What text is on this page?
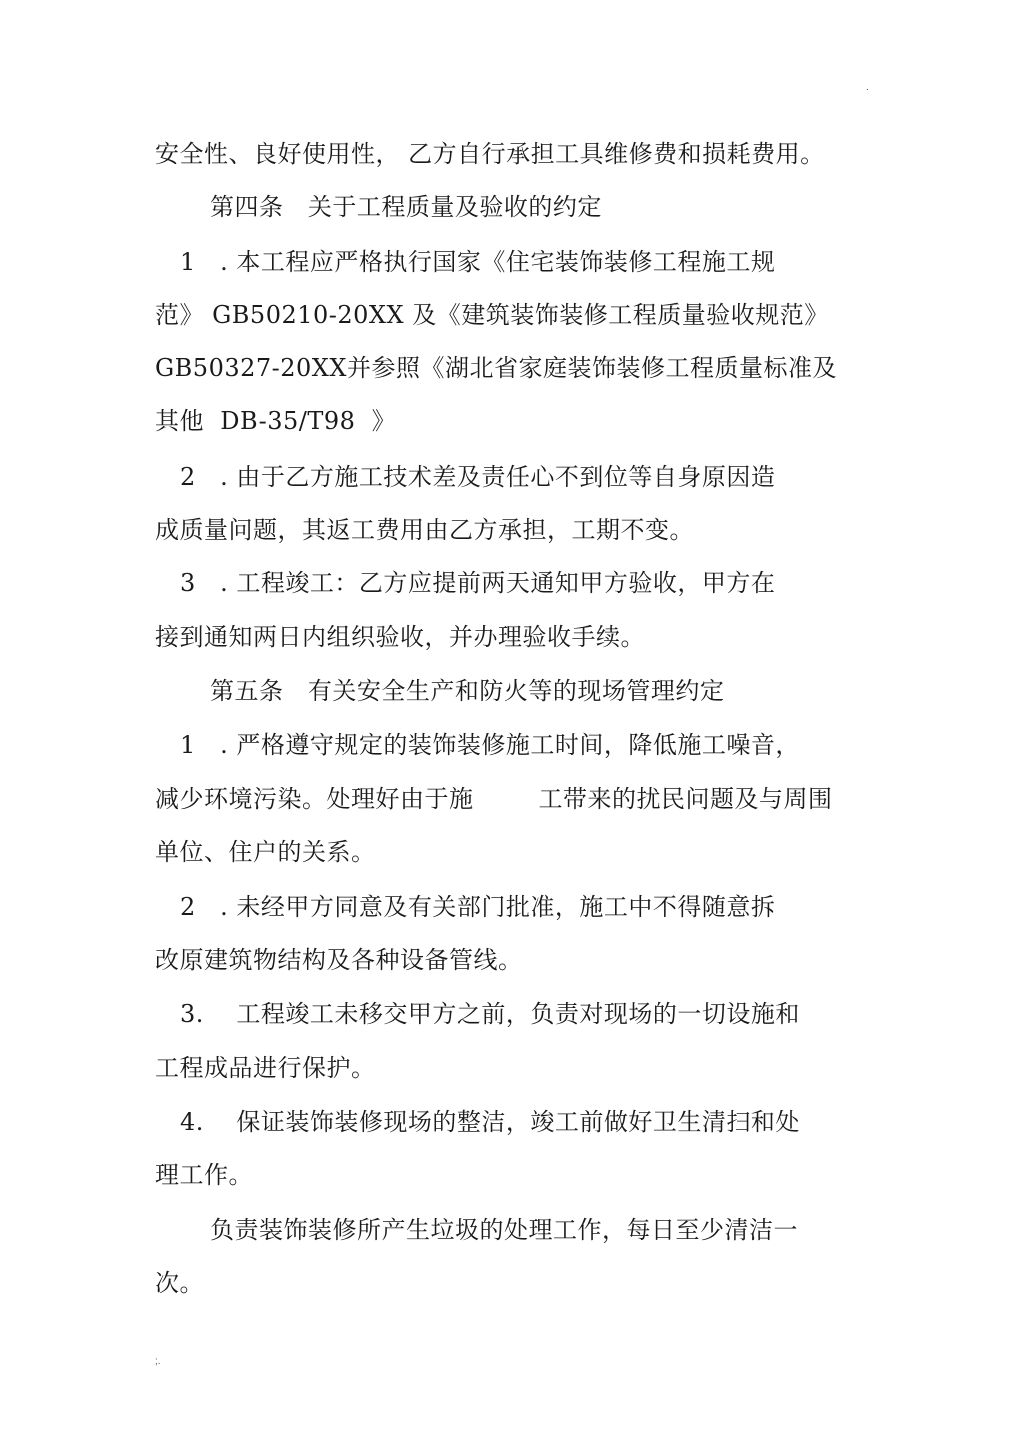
.

安全性、良好使用性， 乙方自行承担工具维修费和损耗费用。

第四条   关于工程质量及验收的约定

1   . 本工程应严格执行国家《住宅装饰装修工程施工规

范》 GB50210-20XX 及《建筑装饰装修工程质量验收规范》

GB50327-20XX并参照《湖北省家庭装饰装修工程质量标准及

其他  DB-35/T98  》

2   . 由于乙方施工技术差及责任心不到位等自身原因造

成质量问题，其返工费用由乙方承担，工期不变。

3   . 工程竣工：乙方应提前两天通知甲方验收，甲方在

接到通知两日内组织验收，并办理验收手续。

第五条   有关安全生产和防火等的现场管理约定

1   . 严格遵守规定的装饰装修施工时间，降低施工噪音，

减少环境污染。处理好由于施        工带来的扰民问题及与周围

单位、住户的关系。

2   . 未经甲方同意及有关部门批准，施工中不得随意拆

改原建筑物结构及各种设备管线。

3.    工程竣工未移交甲方之前，负责对现场的一切设施和

工程成品进行保护。

4.    保证装饰装修现场的整洁，竣工前做好卫生清扫和处

理工作。

负责装饰装修所产生垃圾的处理工作，每日至少清洁一

次。

;.
